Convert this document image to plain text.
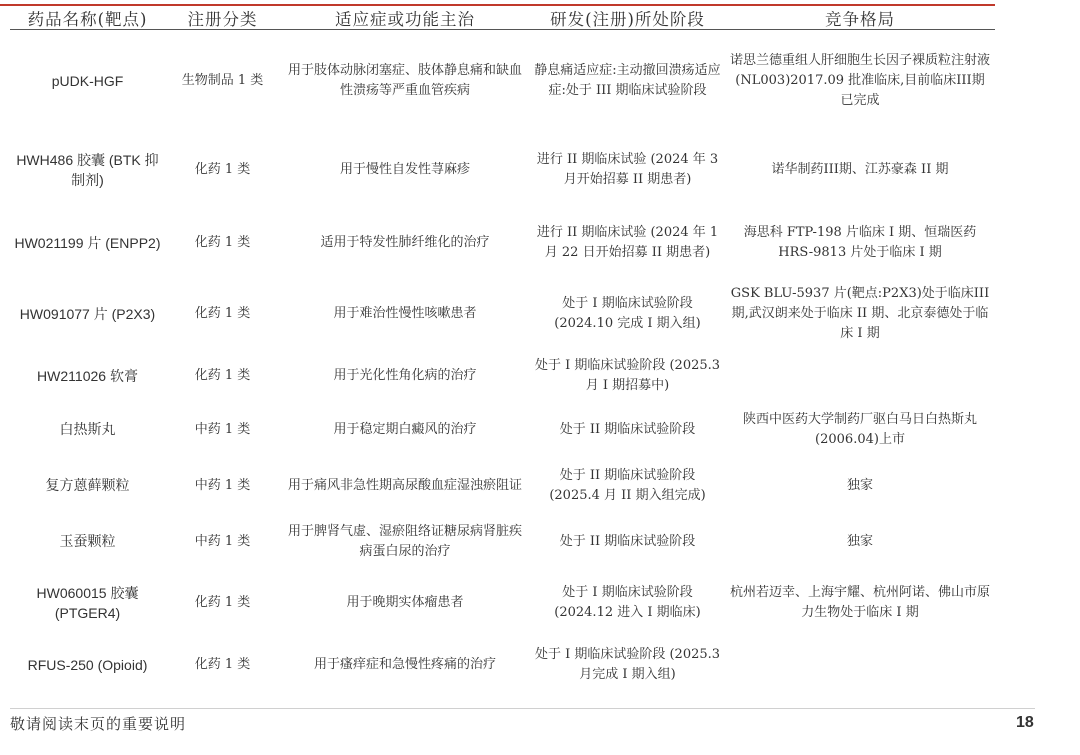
药品名称(靶点)	注册分类	适应症或功能主治	研发(注册)所处阶段	竞争格局
pUDK-HGF	生物制品 1 类	用于肢体动脉闭塞症、肢体静息痛和缺血性溃疡等严重血管疾病	静息痛适应症:主动撤回溃疡适应症:处于 III 期临床试验阶段	诺思兰德重组人肝细胞生长因子裸质粒注射液(NL003)2017.09 批准临床,目前临床III期已完成
HWH486 胶囊 (BTK 抑制剂)	化药 1 类	用于慢性自发性荨麻疹	进行 II 期临床试验 (2024 年 3 月开始招募 II 期患者)	诺华制药III期、江苏豪森 II 期
HW021199 片 (ENPP2)	化药 1 类	适用于特发性肺纤维化的治疗	进行 II 期临床试验 (2024 年 1 月 22 日开始招募 II 期患者)	海思科 FTP-198 片临床 I 期、恒瑞医药 HRS-9813 片处于临床 I 期
HW091077 片 (P2X3)	化药 1 类	用于难治性慢性咳嗽患者	处于 I 期临床试验阶段 (2024.10 完成 I 期入组)	GSK BLU-5937 片(靶点:P2X3)处于临床III期,武汉朗来处于临床 II 期、北京泰德处于临床 I 期
HW211026 软膏	化药 1 类	用于光化性角化病的治疗	处于 I 期临床试验阶段 (2025.3 月 I 期招募中)	
白热斯丸	中药 1 类	用于稳定期白癜风的治疗	处于 II 期临床试验阶段	陕西中医药大学制药厂驱白马日白热斯丸(2006.04)上市
复方蒽藓颗粒	中药 1 类	用于痛风非急性期高尿酸血症湿浊瘀阻证	处于 II 期临床试验阶段 (2025.4 月 II 期入组完成)	独家
玉蚕颗粒	中药 1 类	用于脾肾气虚、湿瘀阻络证糖尿病肾脏疾病蛋白尿的治疗	处于 II 期临床试验阶段	独家
HW060015 胶囊 (PTGER4)	化药 1 类	用于晚期实体瘤患者	处于 I 期临床试验阶段 (2024.12 进入 I 期临床)	杭州若迈幸、上海宇耀、杭州阿诺、佛山市原力生物处于临床 I 期
RFUS-250 (Opioid)	化药 1 类	用于瘙痒症和急慢性疼痛的治疗	处于 I 期临床试验阶段 (2025.3 月完成 I 期入组)	
敬请阅读末页的重要说明	18
